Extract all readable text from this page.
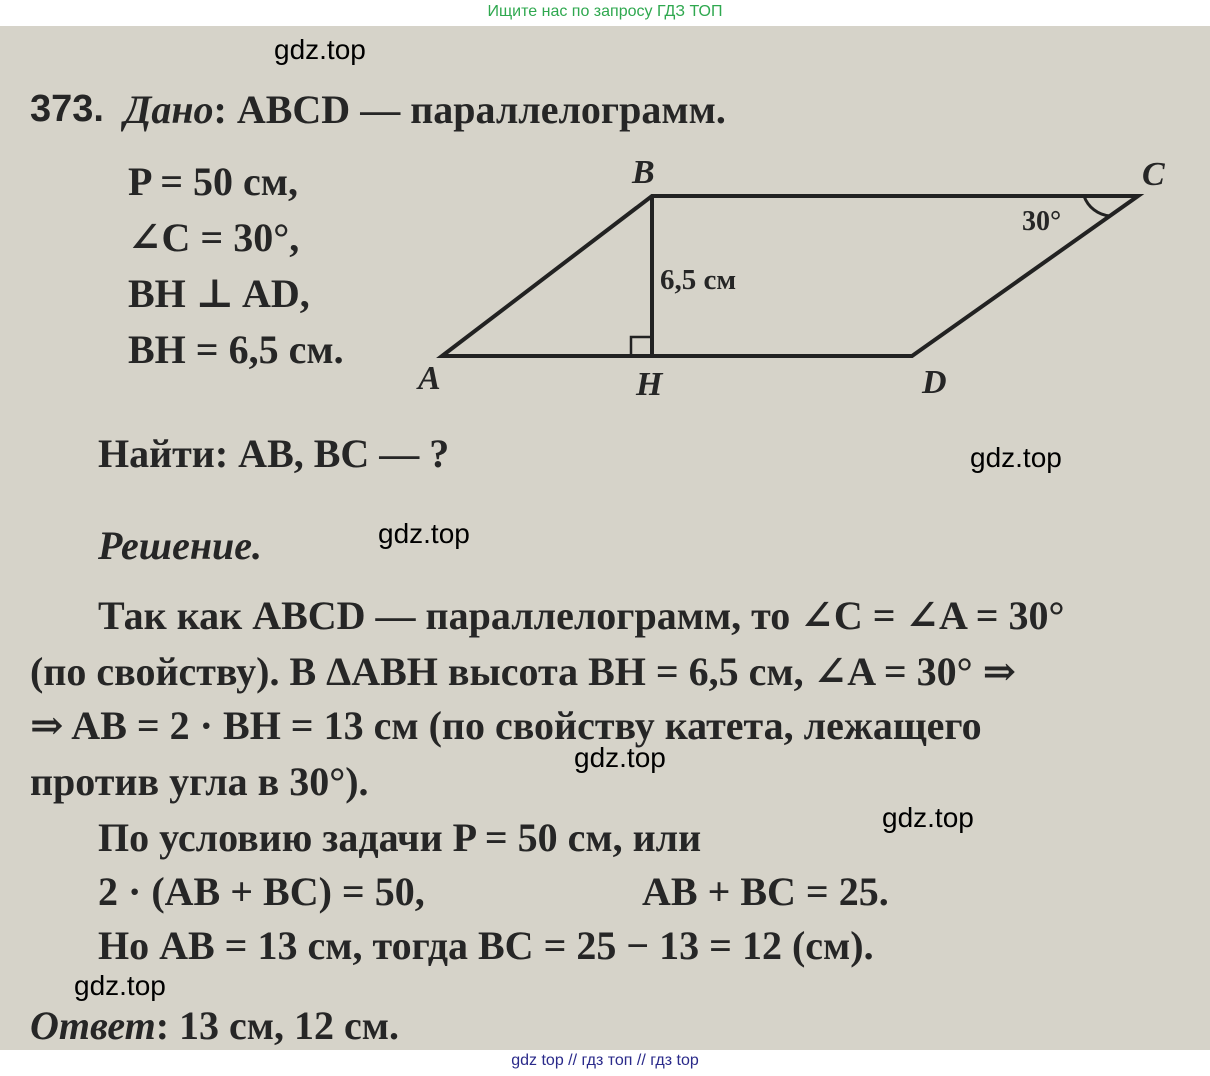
Ищите нас по запросу ГДЗ ТОП
373. Дано: ABCD — параллелограмм.
P = 50 см,
∠C = 30°,
BH ⊥ AD,
BH = 6,5 см.
B	C
A	H	D
6,5 см
30°
Найти: AB, BC — ?
Решение.
Так как ABCD — параллелограмм, то ∠C = ∠A = 30°
(по свойству). В ΔABH высота BH = 6,5 см, ∠A = 30° ⇒
⇒ AB = 2 · BH = 13 см (по свойству катета, лежащего
против угла в 30°).
По условию задачи P = 50 см, или
2 · (AB + BC) = 50,	AB + BC = 25.
Но AB = 13 см, тогда BC = 25 − 13 = 12 (см).
Ответ: 13 см, 12 см.
gdz.top
gdz.top
gdz.top
gdz.top
gdz.top
gdz.top
gdz top // гдз топ // гдз top
